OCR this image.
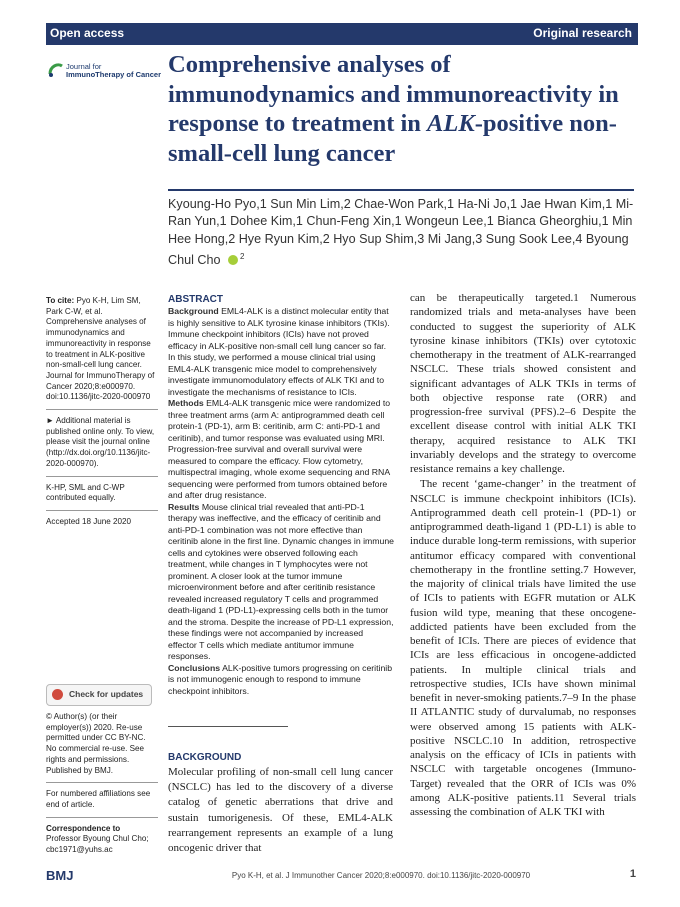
Open access	Original research
Journal for
ImmunoTherapy of Cancer Comprehensive analyses of immunodynamics and immunoreactivity in response to treatment in ALK-positive non-small-cell lung cancer
Kyoung-Ho Pyo,1 Sun Min Lim,2 Chae-Won Park,1 Ha-Ni Jo,1 Jae Hwan Kim,1 Mi-Ran Yun,1 Dohee Kim,1 Chun-Feng Xin,1 Wongeun Lee,1 Bianca Gheorghiu,1 Min Hee Hong,2 Hye Ryun Kim,2 Hyo Sup Shim,3 Mi Jang,3 Sung Sook Lee,4 Byoung Chul Cho $^2$
To cite: Pyo K-H, Lim SM, Park C-W, et al. Comprehensive analyses of immunodynamics and immunoreactivity in response to treatment in ALK-positive non-small-cell lung cancer. Journal for ImmunoTherapy of Cancer 2020;8:e000970. doi:10.1136/jitc-2020-000970

► Additional material is published online only. To view, please visit the journal online (http://dx.doi.org/10.1136/jitc-2020-000970).

K-HP, SML and C-WP contributed equally.

Accepted 18 June 2020

Check for updates

© Author(s) (or their employer(s)) 2020. Re-use permitted under CC BY-NC. No commercial re-use. See rights and permissions. Published by BMJ.

For numbered affiliations see end of article.

Correspondence to

Professor Byoung Chul Cho; cbc1971@yuhs.ac

ABSTRACT

Background EML4-ALK is a distinct molecular entity that is highly sensitive to ALK tyrosine kinase inhibitors (TKIs). Immune checkpoint inhibitors (ICIs) have not proved efficacy in ALK-positive non-small cell lung cancer so far. In this study, we performed a mouse clinical trial using EML4-ALK transgenic mice model to comprehensively investigate immunomodulatory effects of ALK TKI and to investigate the mechanisms of resistance to ICIs.

Methods EML4-ALK transgenic mice were randomized to three treatment arms (arm A: antiprogrammed death cell protein-1 (PD-1), arm B: ceritinib, arm C: anti-PD-1 and ceritinib), and tumor response was evaluated using MRI. Progression-free survival and overall survival were measured to compare the efficacy. Flow cytometry, multispectral imaging, whole exome sequencing and RNA sequencing were performed from tumors obtained before and after drug resistance.

Results Mouse clinical trial revealed that anti-PD-1 therapy was ineffective, and the efficacy of ceritinib and anti-PD-1 combination was not more effective than ceritinib alone in the first line. Dynamic changes in immune cells and cytokines were observed following each treatment, while changes in T lymphocytes were not prominent. A closer look at the tumor immune microenvironment before and after ceritinib resistance revealed increased regulatory T cells and programmed death-ligand 1 (PD-L1)-expressing cells both in the tumor and the stroma. Despite the increase of PD-L1 expression, these findings were not accompanied by increased effector T cells which mediate antitumor immune responses.

Conclusions ALK-positive tumors progressing on ceritinib is not immunogenic enough to respond to immune checkpoint inhibitors.

BACKGROUND
Molecular profiling of non-small cell lung cancer (NSCLC) has led to the discovery of a diverse catalog of genetic aberrations that drive and sustain tumorigenesis. Of these, EML4-ALK rearrangement represents an example of a lung oncogenic driver that

can be therapeutically targeted.1 Numerous randomized trials and meta-analyses have been conducted to suggest the superiority of ALK tyrosine kinase inhibitors (TKIs) over cytotoxic chemotherapy in the treatment of ALK-rearranged NSCLC. These trials showed consistent and significant advantages of ALK TKIs in terms of both objective response rate (ORR) and progression-free survival (PFS).2–6 Despite the excellent disease control with initial ALK TKI therapy, acquired resistance to ALK TKI invariably develops and the strategy to overcome resistance remains a key challenge.

The recent ‘game-changer’ in the treatment of NSCLC is immune checkpoint inhibitors (ICIs). Antiprogrammed death cell protein-1 (PD-1) or antiprogrammed death-ligand 1 (PD-L1) is able to induce durable long-term remissions, with superior antitumor efficacy compared with conventional chemotherapy in the frontline setting.7 However, the majority of clinical trials have limited the use of ICIs to patients with EGFR mutation or ALK fusion wild type, meaning that these oncogene-addicted patients have been excluded from the benefit of ICIs. There are pieces of evidence that ICIs are less efficacious in oncogene-addicted patients. In multiple clinical trials and retrospective studies, ICIs have shown minimal benefit in never-smoking patients.7–9 In the phase II ATLANTIC study of durvalumab, no responses were observed among 15 patients with ALK-positive NSCLC.10 In addition, retrospective analysis on the efficacy of ICIs in patients with NSCLC with targetable oncogenes (Immuno-Target) revealed that the ORR of ICIs was 0% among ALK-positive patients.11 Several trials assessing the combination of ALK TKI with

BMJ	Pyo K-H, et al. J Immunother Cancer 2020;8:e000970. doi:10.1136/jitc-2020-000970	1
